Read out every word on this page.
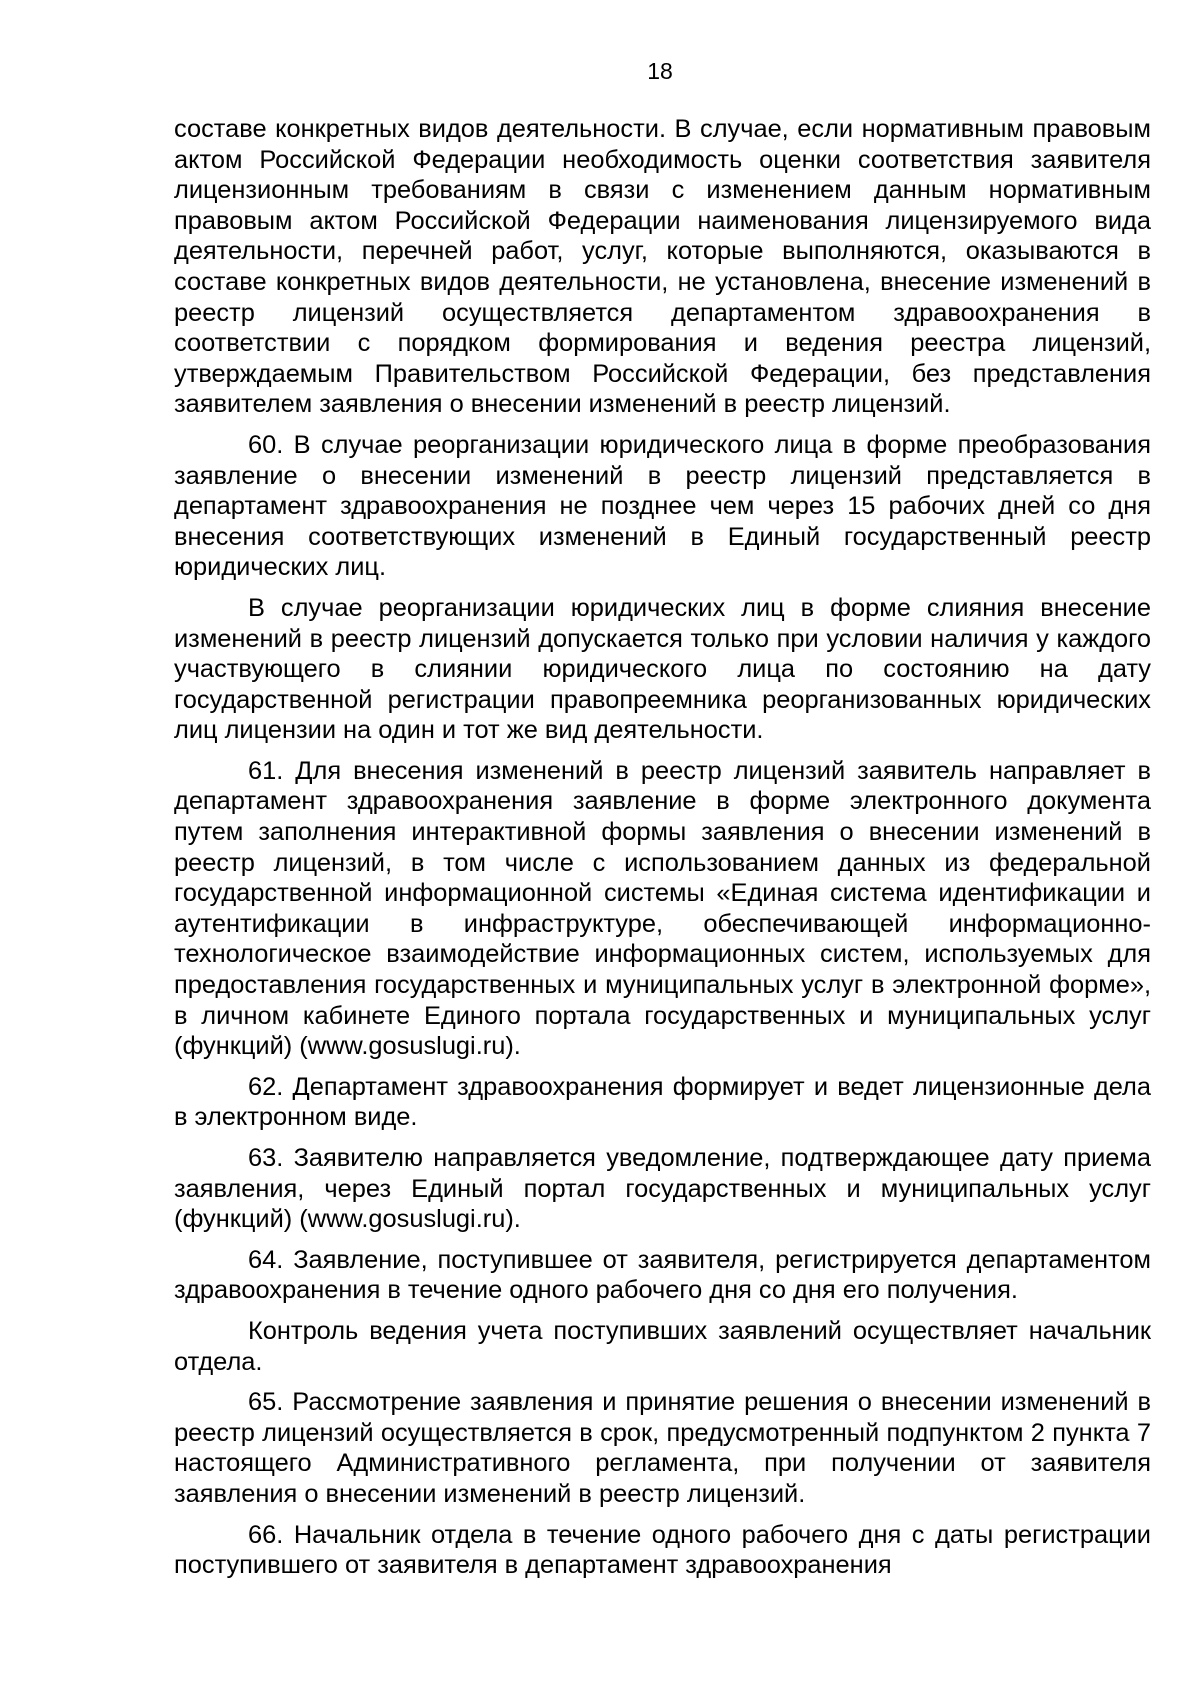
18

составе конкретных видов деятельности. В случае, если нормативным правовым актом Российской Федерации необходимость оценки соответствия заявителя лицензионным требованиям в связи с изменением данным нормативным правовым актом Российской Федерации наименования лицензируемого вида деятельности, перечней работ, услуг, которые выполняются, оказываются в составе конкретных видов деятельности, не установлена, внесение изменений в реестр лицензий осуществляется департаментом здравоохранения в соответствии с порядком формирования и ведения реестра лицензий, утверждаемым Правительством Российской Федерации, без представления заявителем заявления о внесении изменений в реестр лицензий.

60. В случае реорганизации юридического лица в форме преобразования заявление о внесении изменений в реестр лицензий представляется в департамент здравоохранения не позднее чем через 15 рабочих дней со дня внесения соответствующих изменений в Единый государственный реестр юридических лиц.

В случае реорганизации юридических лиц в форме слияния внесение изменений в реестр лицензий допускается только при условии наличия у каждого участвующего в слиянии юридического лица по состоянию на дату государственной регистрации правопреемника реорганизованных юридических лиц лицензии на один и тот же вид деятельности.

61. Для внесения изменений в реестр лицензий заявитель направляет в департамент здравоохранения заявление в форме электронного документа путем заполнения интерактивной формы заявления о внесении изменений в реестр лицензий, в том числе с использованием данных из федеральной государственной информационной системы «Единая система идентификации и аутентификации в инфраструктуре, обеспечивающей информационно-технологическое взаимодействие информационных систем, используемых для предоставления государственных и муниципальных услуг в электронной форме», в личном кабинете Единого портала государственных и муниципальных услуг (функций) (www.gosuslugi.ru).

62. Департамент здравоохранения формирует и ведет лицензионные дела в электронном виде.

63. Заявителю направляется уведомление, подтверждающее дату приема заявления, через Единый портал государственных и муниципальных услуг (функций) (www.gosuslugi.ru).

64. Заявление, поступившее от заявителя, регистрируется департаментом здравоохранения в течение одного рабочего дня со дня его получения.

Контроль ведения учета поступивших заявлений осуществляет начальник отдела.

65. Рассмотрение заявления и принятие решения о внесении изменений в реестр лицензий осуществляется в срок, предусмотренный подпунктом 2 пункта 7 настоящего Административного регламента, при получении от заявителя заявления о внесении изменений в реестр лицензий.

66. Начальник отдела в течение одного рабочего дня с даты регистрации поступившего от заявителя в департамент здравоохранения
